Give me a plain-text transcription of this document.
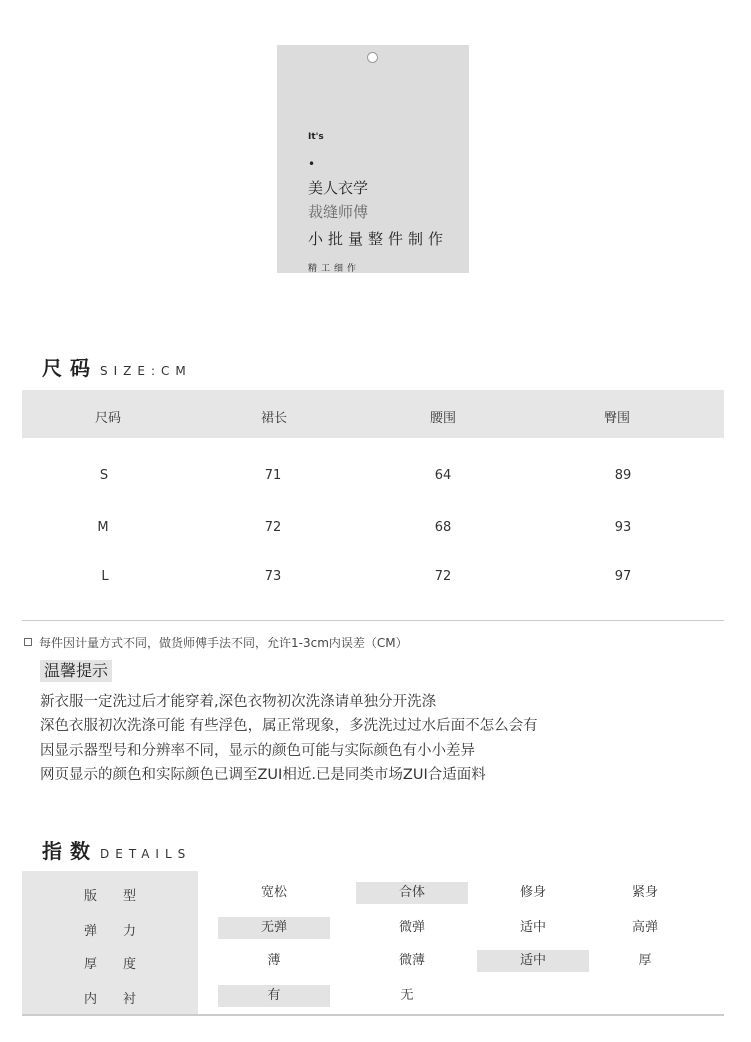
It's
•
美人衣学
裁缝师傅
小批量整件制作
精工细作
尺码 SIZE:CM
尺码	裙长	腰围	臀围
S	71	64	89
M	72	68	93
L	73	72	97
每件因计量方式不同，做货师傅手法不同，允许1-3cm内误差（CM）
温馨提示
新衣服一定洗过后才能穿着,深色衣物初次洗涤请单独分开洗涤
深色衣服初次洗涤可能 有些浮色，属正常现象，多洗洗过过水后面不怎么会有
因显示器型号和分辨率不同，显示的颜色可能与实际颜色有小小差异
网页显示的颜色和实际颜色已调至ZUI相近.已是同类市场ZUI合适面料
指数 DETAILS
版型	宽松	合体	修身	紧身
弹力	无弹	微弹	适中	高弹
厚度	薄	微薄	适中	厚
内衬	有	无
